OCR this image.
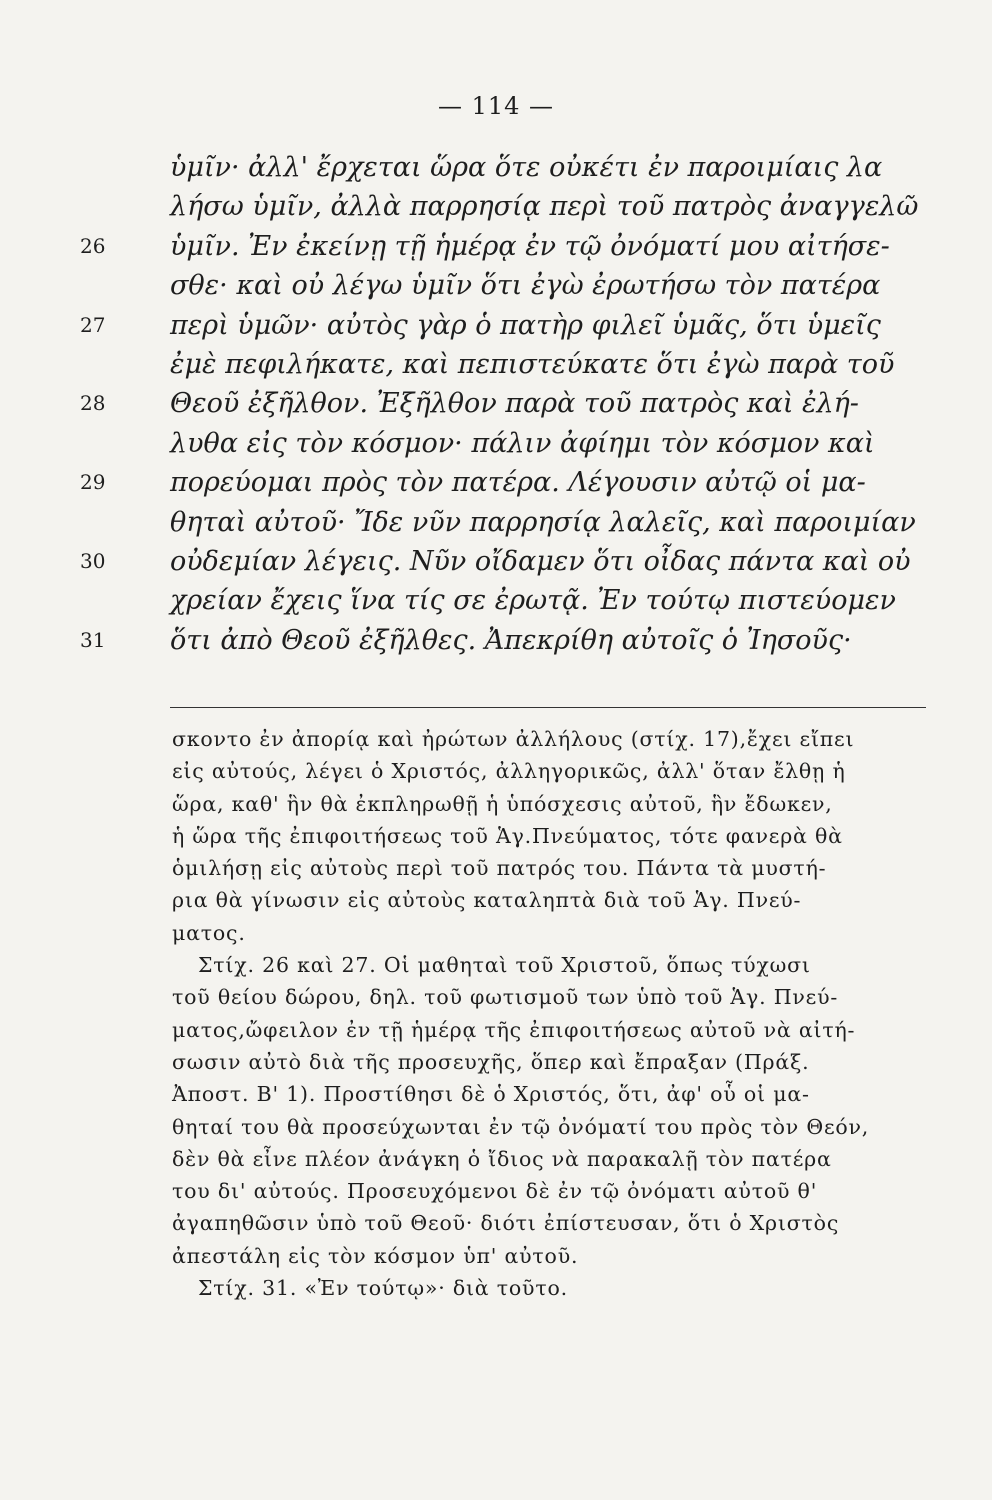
— 114 —
ὑμῖν· ἀλλ' ἔρχεται ὥρα ὅτε οὐκέτι ἐν παροιμίαις λα
λήσω ὑμῖν, ἀλλὰ παρρησίᾳ περὶ τοῦ πατρὸς ἀναγγελῶ
26	ὑμῖν. Ἐν ἐκείνῃ τῇ ἡμέρᾳ ἐν τῷ ὀνόματί μου αἰτήσε-
σθε· καὶ οὐ λέγω ὑμῖν ὅτι ἐγὼ ἐρωτήσω τὸν πατέρα
27	περὶ ὑμῶν· αὐτὸς γὰρ ὁ πατὴρ φιλεῖ ὑμᾶς, ὅτι ὑμεῖς
ἐμὲ πεφιλήκατε, καὶ πεπιστεύκατε ὅτι ἐγὼ παρὰ τοῦ
28	Θεοῦ ἐξῆλθον. Ἐξῆλθον παρὰ τοῦ πατρὸς καὶ ἐλή-
λυθα εἰς τὸν κόσμον· πάλιν ἀφίημι τὸν κόσμον καὶ
29	πορεύομαι πρὸς τὸν πατέρα. Λέγουσιν αὐτῷ οἱ μα-
θηταὶ αὐτοῦ· Ἴδε νῦν παρρησίᾳ λαλεῖς, καὶ παροιμίαν
30	οὐδεμίαν λέγεις. Νῦν οἴδαμεν ὅτι οἶδας πάντα καὶ οὐ
χρείαν ἔχεις ἵνα τίς σε ἐρωτᾷ. Ἐν τούτῳ πιστεύομεν
31	ὅτι ἀπὸ Θεοῦ ἐξῆλθες. Ἀπεκρίθη αὐτοῖς ὁ Ἰησοῦς·
σκοντο ἐν ἀπορίᾳ καὶ ἠρώτων ἀλλήλους (στίχ. 17),ἔχει εἴπει
εἰς αὐτούς, λέγει ὁ Χριστός, ἀλληγορικῶς, ἀλλ' ὅταν ἔλθῃ ἡ
ὥρα, καθ' ἣν θὰ ἐκπληρωθῇ ἡ ὑπόσχεσις αὐτοῦ, ἣν ἔδωκεν,
ἡ ὥρα τῆς ἐπιφοιτήσεως τοῦ Ἁγ.Πνεύματος, τότε φανερὰ θὰ
ὁμιλήσῃ εἰς αὐτοὺς περὶ τοῦ πατρός του. Πάντα τὰ μυστή-
ρια θὰ γίνωσιν εἰς αὐτοὺς καταληπτὰ διὰ τοῦ Ἁγ. Πνεύ-
ματος.
Στίχ. 26 καὶ 27. Οἱ μαθηταὶ τοῦ Χριστοῦ, ὅπως τύχωσι
τοῦ θείου δώρου, δηλ. τοῦ φωτισμοῦ των ὑπὸ τοῦ Ἁγ. Πνεύ-
ματος,ὤφειλον ἐν τῇ ἡμέρᾳ τῆς ἐπιφοιτήσεως αὐτοῦ νὰ αἰτή-
σωσιν αὐτὸ διὰ τῆς προσευχῆς, ὅπερ καὶ ἔπραξαν (Πράξ.
Ἀποστ. Β' 1). Προστίθησι δὲ ὁ Χριστός, ὅτι, ἀφ' οὗ οἱ μα-
θηταί του θὰ προσεύχωνται ἐν τῷ ὀνόματί του πρὸς τὸν Θεόν,
δὲν θὰ εἶνε πλέον ἀνάγκη ὁ ἴδιος νὰ παρακαλῇ τὸν πατέρα
του δι' αὐτούς. Προσευχόμενοι δὲ ἐν τῷ ὀνόματι αὐτοῦ θ'
ἀγαπηθῶσιν ὑπὸ τοῦ Θεοῦ· διότι ἐπίστευσαν, ὅτι ὁ Χριστὸς
ἀπεστάλη εἰς τὸν κόσμον ὑπ' αὐτοῦ.
Στίχ. 31. «Ἐν τούτῳ»· διὰ τοῦτο.
